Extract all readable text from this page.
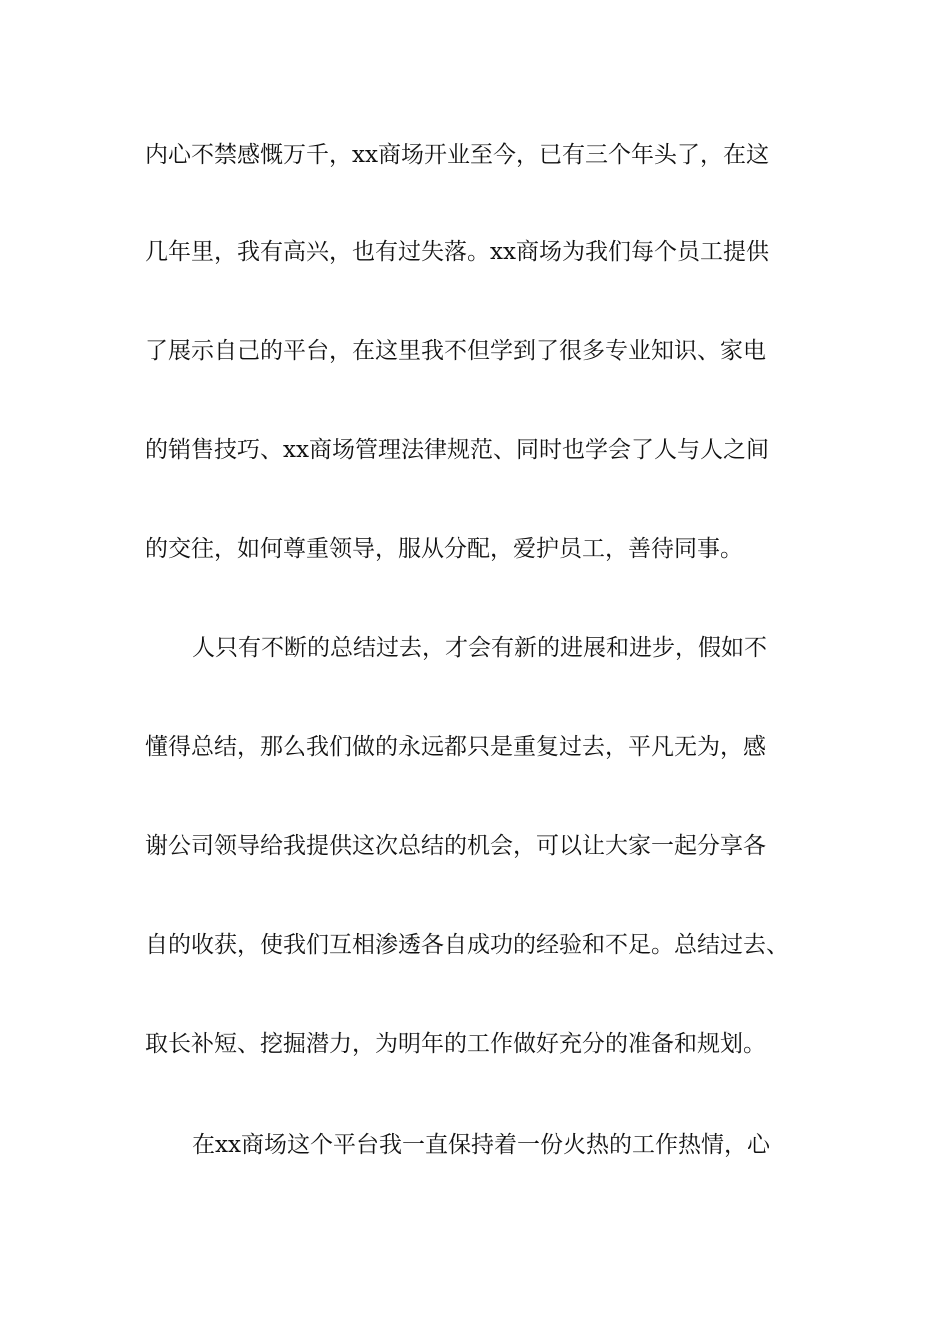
内心不禁感慨万千，xx商场开业至今，已有三个年头了，在这
几年里，我有高兴，也有过失落。xx商场为我们每个员工提供
了展示自己的平台，在这里我不但学到了很多专业知识、家电
的销售技巧、xx商场管理法律规范、同时也学会了人与人之间
的交往，如何尊重领导，服从分配，爱护员工，善待同事。
人只有不断的总结过去，才会有新的进展和进步，假如不
懂得总结，那么我们做的永远都只是重复过去，平凡无为，感
谢公司领导给我提供这次总结的机会，可以让大家一起分享各
自的收获，使我们互相渗透各自成功的经验和不足。总结过去、
取长补短、挖掘潜力，为明年的工作做好充分的准备和规划。
在xx商场这个平台我一直保持着一份火热的工作热情，心
